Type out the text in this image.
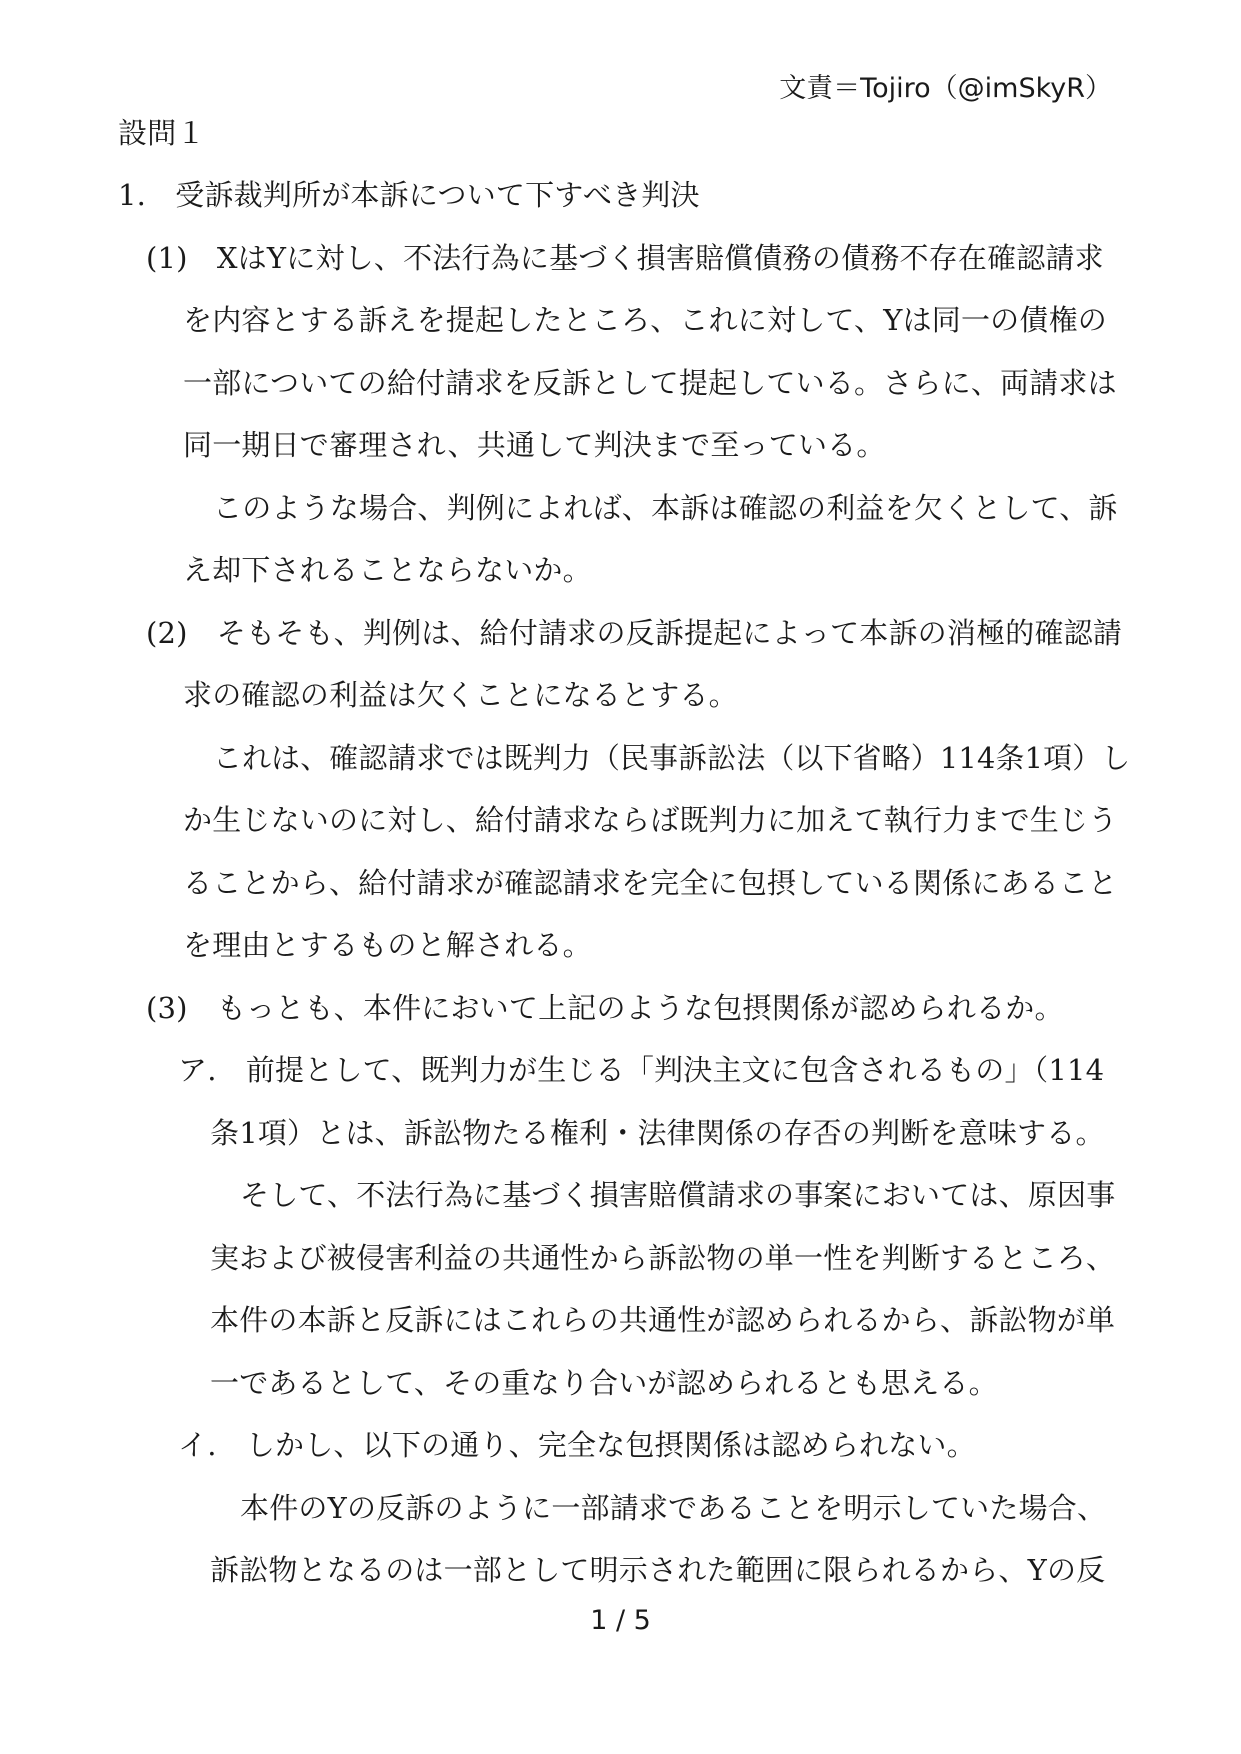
文責＝Tojiro（@imSkyR）
設問１
1.　受訴裁判所が本訴について下すべき判決
(1)　XはYに対し、不法行為に基づく損害賠償債務の債務不存在確認請求
を内容とする訴えを提起したところ、これに対して、Yは同一の債権の
一部についての給付請求を反訴として提起している。さらに、両請求は
同一期日で審理され、共通して判決まで至っている。
このような場合、判例によれば、本訴は確認の利益を欠くとして、訴
え却下されることならないか。
(2)　そもそも、判例は、給付請求の反訴提起によって本訴の消極的確認請
求の確認の利益は欠くことになるとする。
これは、確認請求では既判力（民事訴訟法（以下省略）114条1項）し
か生じないのに対し、給付請求ならば既判力に加えて執行力まで生じう
ることから、給付請求が確認請求を完全に包摂している関係にあること
を理由とするものと解される。
(3)　もっとも、本件において上記のような包摂関係が認められるか。
ア.　前提として、既判力が生じる「判決主文に包含されるもの」（114
条1項）とは、訴訟物たる権利・法律関係の存否の判断を意味する。
そして、不法行為に基づく損害賠償請求の事案においては、原因事
実および被侵害利益の共通性から訴訟物の単一性を判断するところ、
本件の本訴と反訴にはこれらの共通性が認められるから、訴訟物が単
一であるとして、その重なり合いが認められるとも思える。
イ.　しかし、以下の通り、完全な包摂関係は認められない。
本件のYの反訴のように一部請求であることを明示していた場合、
訴訟物となるのは一部として明示された範囲に限られるから、Yの反
1 / 5
